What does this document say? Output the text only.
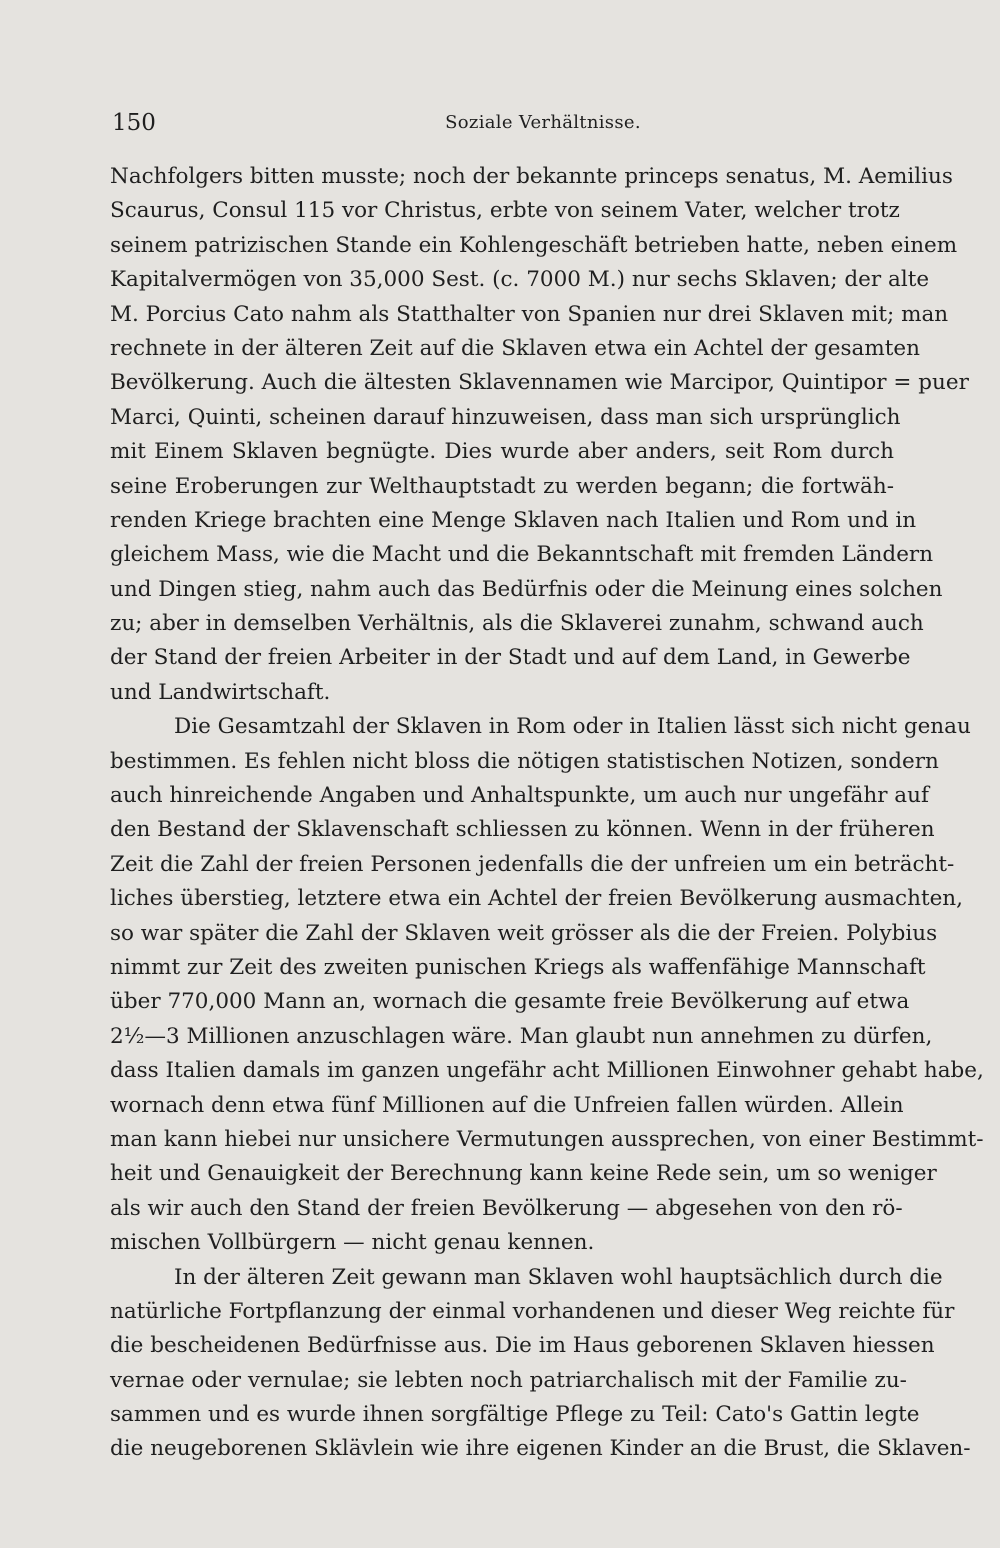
150	Soziale Verhältnisse.
Nachfolgers bitten musste; noch der bekannte princeps senatus, M. Aemilius
Scaurus, Consul 115 vor Christus, erbte von seinem Vater, welcher trotz
seinem patrizischen Stande ein Kohlengeschäft betrieben hatte, neben einem
Kapitalvermögen von 35,000 Sest. (c. 7000 M.) nur sechs Sklaven; der alte
M. Porcius Cato nahm als Statthalter von Spanien nur drei Sklaven mit; man
rechnete in der älteren Zeit auf die Sklaven etwa ein Achtel der gesamten
Bevölkerung. Auch die ältesten Sklavennamen wie Marcipor, Quintipor = puer
Marci, Quinti, scheinen darauf hinzuweisen, dass man sich ursprünglich
mit Einem Sklaven begnügte. Dies wurde aber anders, seit Rom durch
seine Eroberungen zur Welthauptstadt zu werden begann; die fortwäh-
renden Kriege brachten eine Menge Sklaven nach Italien und Rom und in
gleichem Mass, wie die Macht und die Bekanntschaft mit fremden Ländern
und Dingen stieg, nahm auch das Bedürfnis oder die Meinung eines solchen
zu; aber in demselben Verhältnis, als die Sklaverei zunahm, schwand auch
der Stand der freien Arbeiter in der Stadt und auf dem Land, in Gewerbe
und Landwirtschaft.
Die Gesamtzahl der Sklaven in Rom oder in Italien lässt sich nicht genau
bestimmen. Es fehlen nicht bloss die nötigen statistischen Notizen, sondern
auch hinreichende Angaben und Anhaltspunkte, um auch nur ungefähr auf
den Bestand der Sklavenschaft schliessen zu können. Wenn in der früheren
Zeit die Zahl der freien Personen jedenfalls die der unfreien um ein beträcht-
liches überstieg, letztere etwa ein Achtel der freien Bevölkerung ausmachten,
so war später die Zahl der Sklaven weit grösser als die der Freien. Polybius
nimmt zur Zeit des zweiten punischen Kriegs als waffenfähige Mannschaft
über 770,000 Mann an, wornach die gesamte freie Bevölkerung auf etwa
2½—3 Millionen anzuschlagen wäre. Man glaubt nun annehmen zu dürfen,
dass Italien damals im ganzen ungefähr acht Millionen Einwohner gehabt habe,
wornach denn etwa fünf Millionen auf die Unfreien fallen würden. Allein
man kann hiebei nur unsichere Vermutungen aussprechen, von einer Bestimmt-
heit und Genauigkeit der Berechnung kann keine Rede sein, um so weniger
als wir auch den Stand der freien Bevölkerung — abgesehen von den rö-
mischen Vollbürgern — nicht genau kennen.
In der älteren Zeit gewann man Sklaven wohl hauptsächlich durch die
natürliche Fortpflanzung der einmal vorhandenen und dieser Weg reichte für
die bescheidenen Bedürfnisse aus. Die im Haus geborenen Sklaven hiessen
vernae oder vernulae; sie lebten noch patriarchalisch mit der Familie zu-
sammen und es wurde ihnen sorgfältige Pflege zu Teil: Cato's Gattin legte
die neugeborenen Sklävlein wie ihre eigenen Kinder an die Brust, die Sklaven-
